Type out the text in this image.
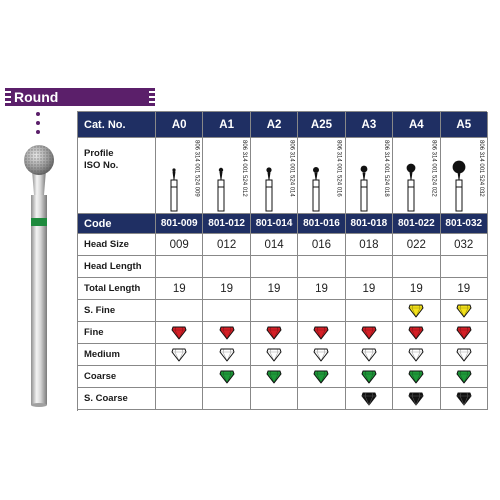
Round
Cat. No.	A0	A1	A2	A25	A3	A4	A5
Profile
ISO No.	806 314 001 524 009	806 314 001 524 012	806 314 001 524 014	806 314 001 524 016	806 314 001 524 018	806 314 001 524 022	806 314 001 524 032
Code	801-009	801-012	801-014	801-016	801-018	801-022	801-032
Head Size	009	012	014	016	018	022	032
Head Length
Total Length	19	19	19	19	19	19	19
S. Fine
Fine
Medium
Coarse
S. Coarse
